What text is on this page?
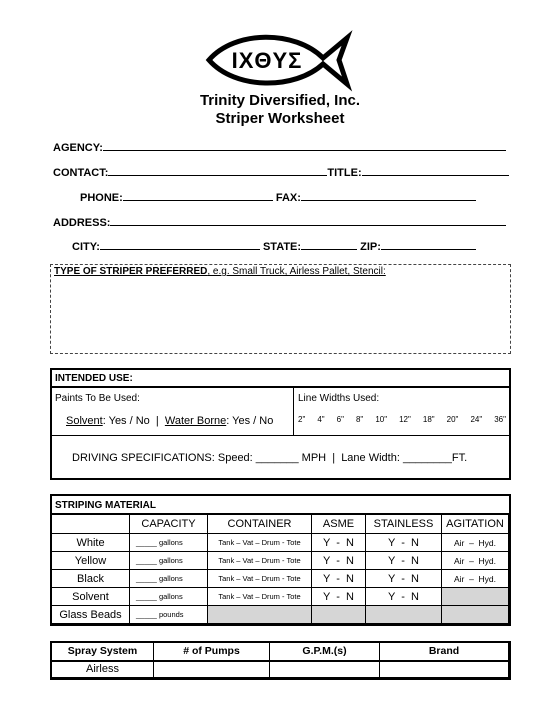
IXΘYΣ
Trinity Diversified, Inc.
Striper Worksheet
AGENCY:
CONTACT:	TITLE:
PHONE:	FAX:
ADDRESS:
CITY:	STATE:	ZIP:
TYPE OF STRIPER PREFERRED, e.g. Small Truck, Airless Pallet, Stencil:
INTENDED USE:
Paints To Be Used:
Solvent: Yes / No  |  Water Borne: Yes / No
Line Widths Used:
2" 4" 6" 8" 10" 12" 18" 20" 24" 36"
DRIVING SPECIFICATIONS: Speed: _______ MPH  |  Lane Width: ________FT.
STRIPING MATERIAL
	CAPACITY	CONTAINER	ASME	STAINLESS	AGITATION
White	_____ gallons	Tank – Vat – Drum - Tote	Y  -  N	Y  -  N	Air  –  Hyd.
Yellow	_____ gallons	Tank – Vat – Drum - Tote	Y  -  N	Y  -  N	Air  –  Hyd.
Black	_____ gallons	Tank – Vat – Drum - Tote	Y  -  N	Y  -  N	Air  –  Hyd.
Solvent	_____ gallons	Tank – Vat – Drum - Tote	Y  -  N	Y  -  N	
Glass Beads	_____ pounds				
Spray System	# of Pumps	G.P.M.(s)	Brand
Airless			
